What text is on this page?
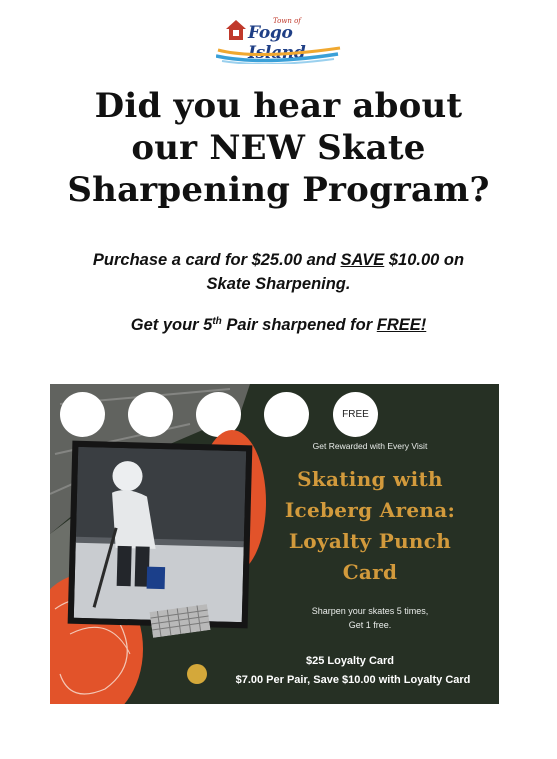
Town of
Fogo Island
Did you hear about
our NEW Skate
Sharpening Program?

Purchase a card for $25.00 and SAVE $10.00 on
Skate Sharpening.

Get your 5th Pair sharpened for FREE!

FREE
Get Rewarded with Every Visit
Skating with
Iceberg Arena:
Loyalty Punch
Card
Sharpen your skates 5 times,
Get 1 free.
$25 Loyalty Card
$7.00 Per Pair, Save $10.00 with Loyalty Card
